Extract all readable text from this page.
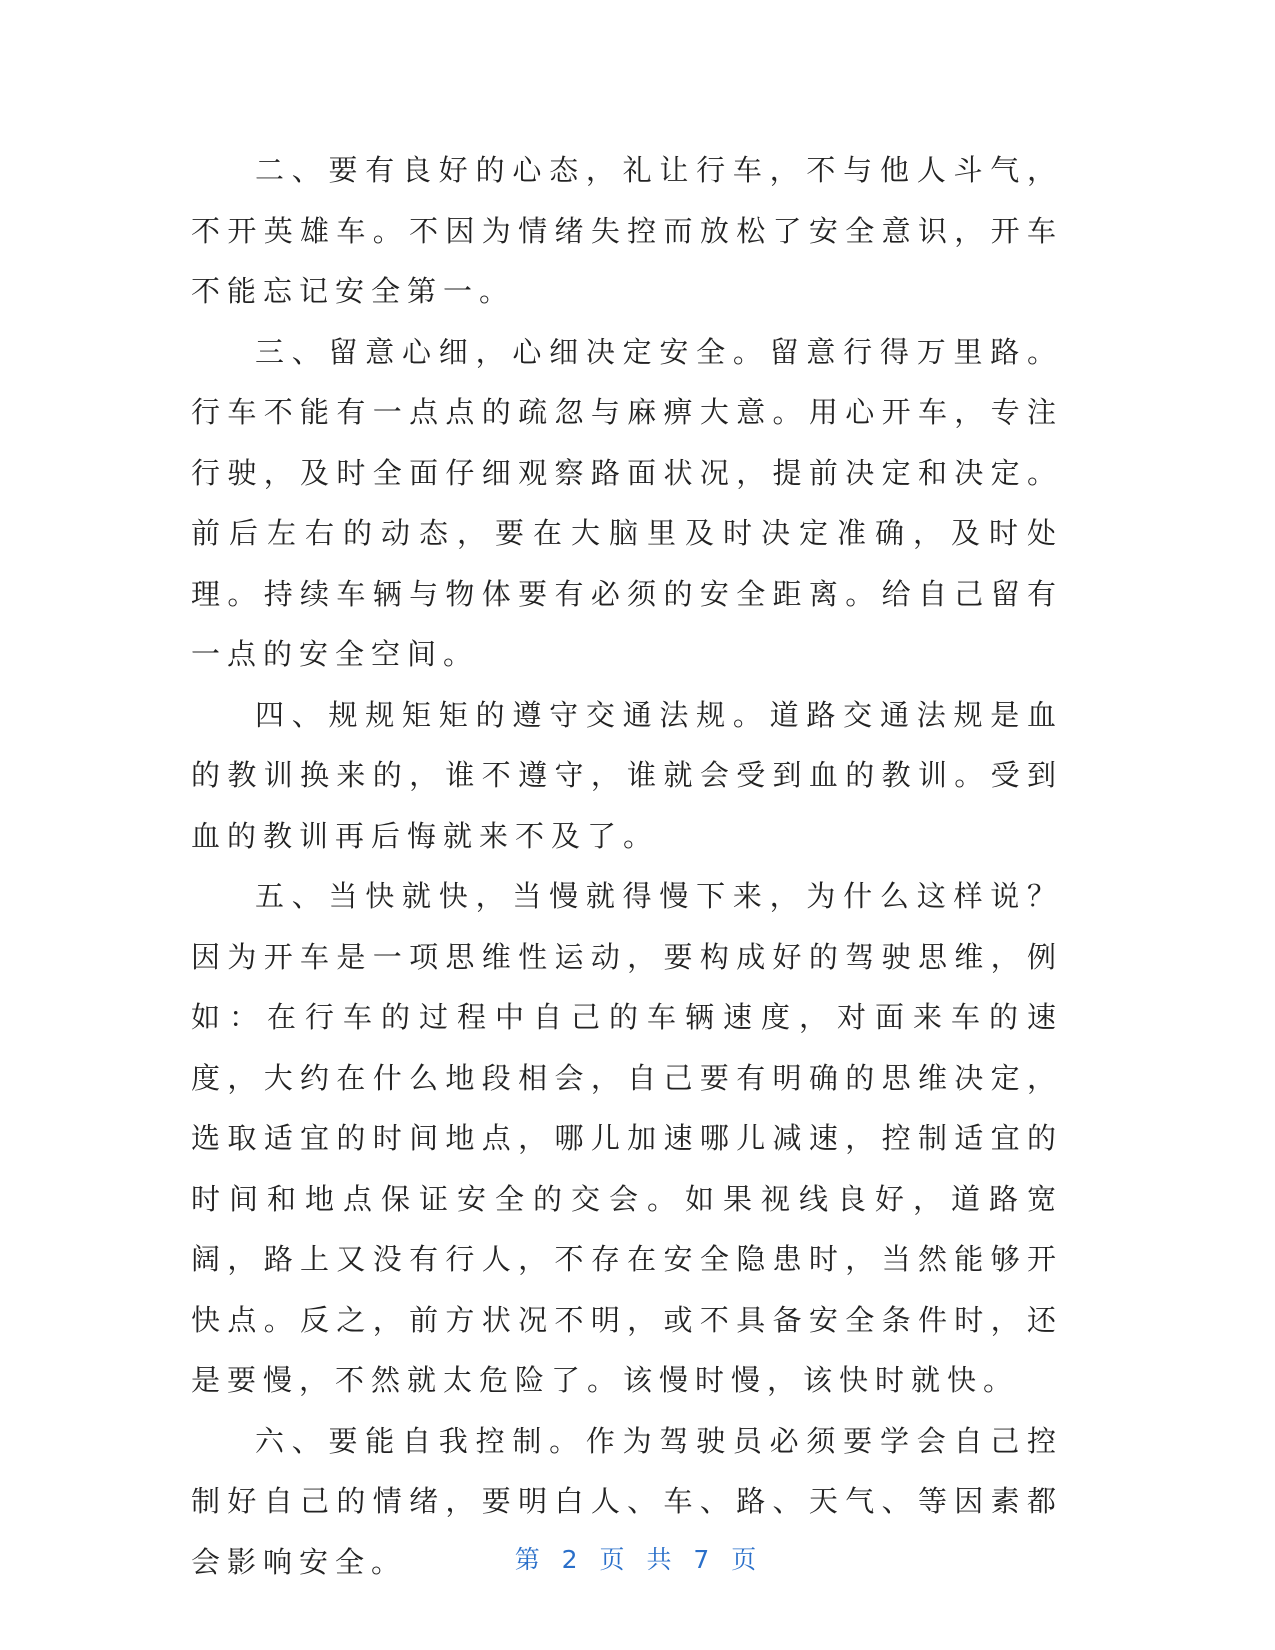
二、要有良好的心态，礼让行车，不与他人斗气，不开英雄车。不因为情绪失控而放松了安全意识，开车不能忘记安全第一。

三、留意心细，心细决定安全。留意行得万里路。行车不能有一点点的疏忽与麻痹大意。用心开车，专注行驶，及时全面仔细观察路面状况，提前决定和决定。前后左右的动态，要在大脑里及时决定准确，及时处理。持续车辆与物体要有必须的安全距离。给自己留有一点的安全空间。

四、规规矩矩的遵守交通法规。道路交通法规是血的教训换来的，谁不遵守，谁就会受到血的教训。受到血的教训再后悔就来不及了。

五、当快就快，当慢就得慢下来，为什么这样说？因为开车是一项思维性运动，要构成好的驾驶思维，例如：在行车的过程中自己的车辆速度，对面来车的速度，大约在什么地段相会，自己要有明确的思维决定，选取适宜的时间地点，哪儿加速哪儿减速，控制适宜的时间和地点保证安全的交会。如果视线良好，道路宽阔，路上又没有行人，不存在安全隐患时，当然能够开快点。反之，前方状况不明，或不具备安全条件时，还是要慢，不然就太危险了。该慢时慢，该快时就快。

六、要能自我控制。作为驾驶员必须要学会自己控制好自己的情绪，要明白人、车、路、天气、等因素都会影响安全。	第 2 页 共 7 页
